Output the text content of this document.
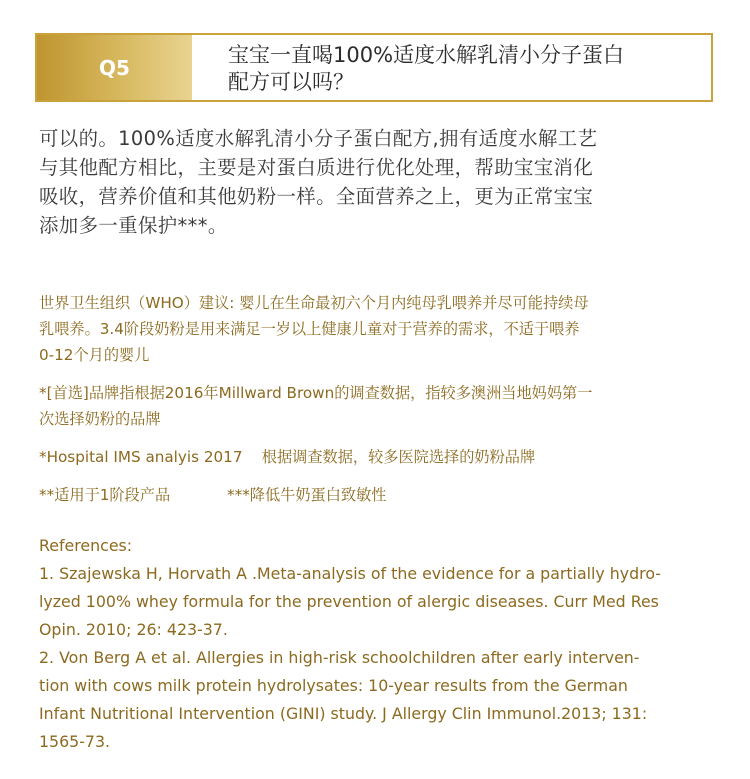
Q5
宝宝一直喝100%适度水解乳清小分子蛋白
配方可以吗？
可以的。100%适度水解乳清小分子蛋白配方,拥有适度水解工艺
与其他配方相比，主要是对蛋白质进行优化处理，帮助宝宝消化
吸收，营养价值和其他奶粉一样。全面营养之上，更为正常宝宝
添加多一重保护***。
世界卫生组织（WHO）建议: 婴儿在生命最初六个月内纯母乳喂养并尽可能持续母
乳喂养。3.4阶段奶粉是用来满足一岁以上健康儿童对于营养的需求，不适于喂养
0-12个月的婴儿
*[首选]品牌指根据2016年Millward Brown的调查数据，指较多澳洲当地妈妈第一
次选择奶粉的品牌
*Hospital IMS analyis 2017    根据调查数据，较多医院选择的奶粉品牌
**适用于1阶段产品	***降低牛奶蛋白致敏性
References:
1. Szajewska H, Horvath A .Meta-analysis of the evidence for a partially hydro-
lyzed 100% whey formula for the prevention of alergic diseases. Curr Med Res
Opin. 2010; 26: 423-37.
2. Von Berg A et al. Allergies in high-risk schoolchildren after early interven-
tion with cows milk protein hydrolysates: 10-year results from the German
Infant Nutritional Intervention (GINI) study. J Allergy Clin Immunol.2013; 131:
1565-73.
